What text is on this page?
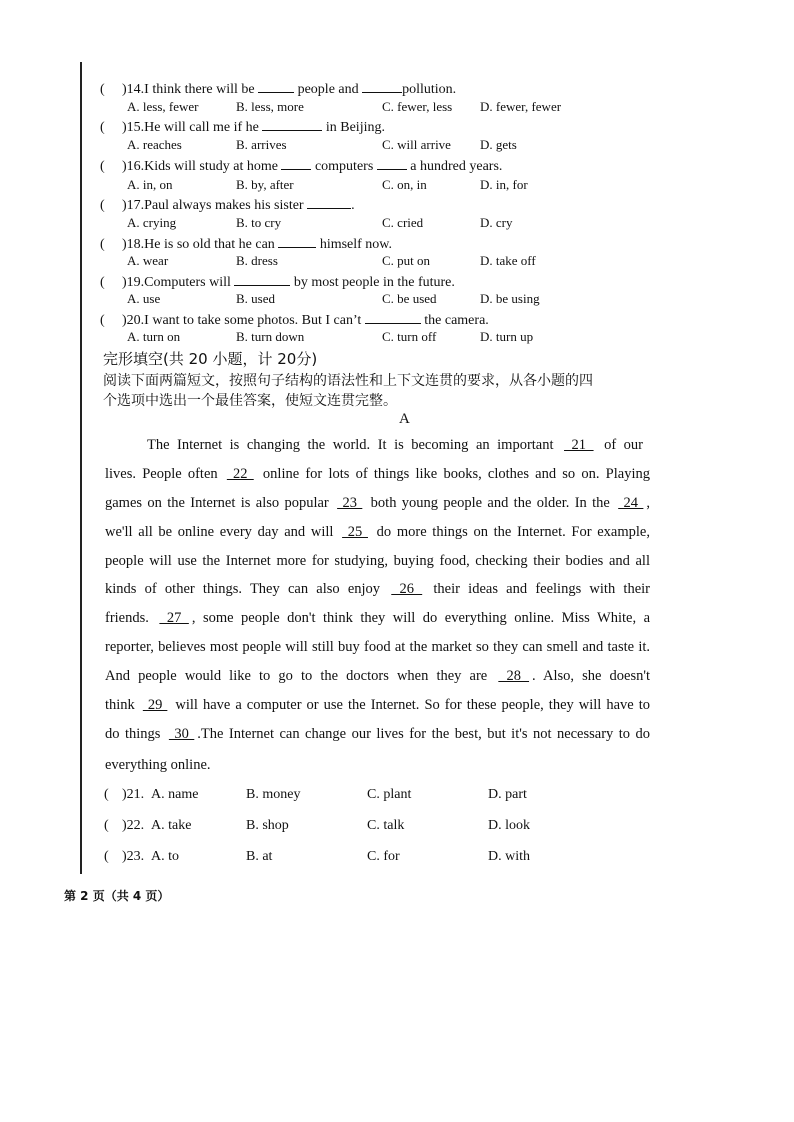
( )14.I think there will be	people and	pollution.
A. less, fewer	B. less, more	C. fewer, less D. fewer, fewer
( )15.He will call me if he	in Beijing.
A. reaches	B. arrives	C. will arrive D. gets
( )16.Kids will study at home  computers  a hundred years.
A. in, on	B. by, after	C. on, in	D. in, for
( )17.Paul always makes his sister	.
A. crying	B. to cry	C. cried	D. cry
( )18.He is so old that he can	himself now.
A. wear	B. dress	C. put on	D. take off
( )19.Computers will	by most people in the future.
A. use	B. used	C. be used	D. be using
( )20.I want to take some photos. But I can’t	the camera.
A. turn on	B. turn down	C. turn off	D. turn up
完形填空(共 20 小题，计 20分)
阅读下面两篇短文，按照句子结构的语法性和上下文连贯的要求，从各小题的四
个选项中选出一个最佳答案，使短文连贯完整。
A
The Internet is changing the world. It is becoming an important  21  of our
lives. People often  22  online for lots of things like books, clothes and so on. Playing
games on the Internet is also popular  23  both young people and the older. In the  24 ,
we'll all be online every day and will  25  do more things on the Internet. For example,
people will use the Internet more for studying, buying food, checking their bodies and all
kinds of other things. They can also enjoy  26  their ideas and feelings with their
friends.  27 , some people don't think they will do everything online. Miss White, a
reporter, believes most people will still buy food at the market so they can smell and taste it.
And people would like to go to the doctors when they are  28 . Also, she doesn't
think  29  will have a computer or use the Internet. So for these people, they will have to
do things  30 .The Internet can change our lives for the best, but it's not necessary to do
everything online.
( )21. A. name	B. money	C. plant	D. part
( )22. A. take	B. shop	C. talk	D. look
( )23. A. to	B. at	C. for	D. with
第 2 页（共 4 页）
